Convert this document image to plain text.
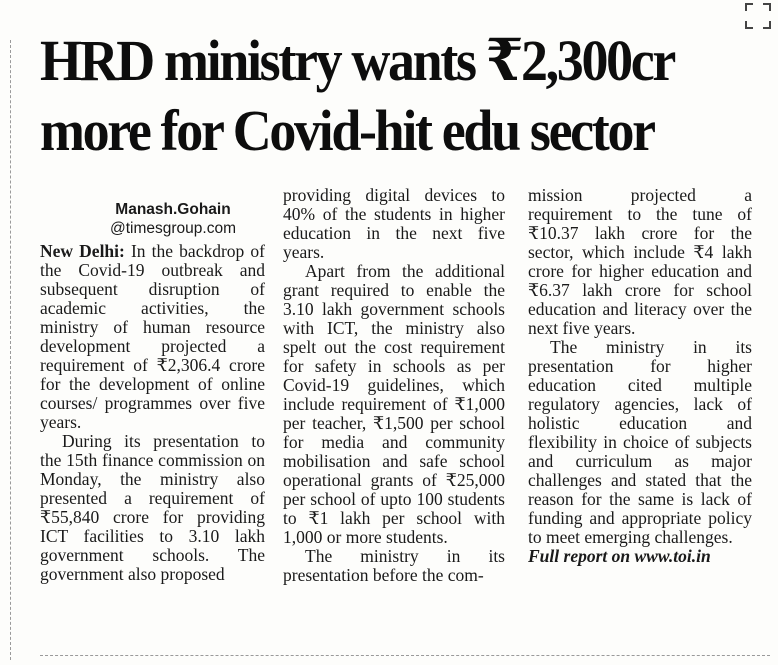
HRD ministry wants ₹2,300cr
more for Covid-hit edu sector
Manash.Gohain
@timesgroup.com

New Delhi: In the backdrop of the Covid-19 outbreak and subsequent disruption of academic activities, the ministry of human resource development projected a requirement of ₹2,306.4 crore for the development of online courses/ programmes over five years.

During its presentation to the 15th finance commission on Monday, the ministry also presented a requirement of ₹55,840 crore for providing ICT facilities to 3.10 lakh government schools. The government also proposed

providing digital devices to 40% of the students in higher education in the next five years.

Apart from the additional grant required to enable the 3.10 lakh government schools with ICT, the ministry also spelt out the cost requirement for safety in schools as per Covid-19 guidelines, which include requirement of ₹1,000 per teacher, ₹1,500 per school for media and community mobilisation and safe school operational grants of ₹25,000 per school of upto 100 students to ₹1 lakh per school with 1,000 or more students.

The ministry in its presentation before the com-

mission projected a requirement to the tune of ₹10.37 lakh crore for the sector, which include ₹4 lakh crore for higher education and ₹6.37 lakh crore for school education and literacy over the next five years.

The ministry in its presentation for higher education cited multiple regulatory agencies, lack of holistic education and flexibility in choice of subjects and curriculum as major challenges and stated that the reason for the same is lack of funding and appropriate policy to meet emerging challenges.

Full report on www.toi.in
